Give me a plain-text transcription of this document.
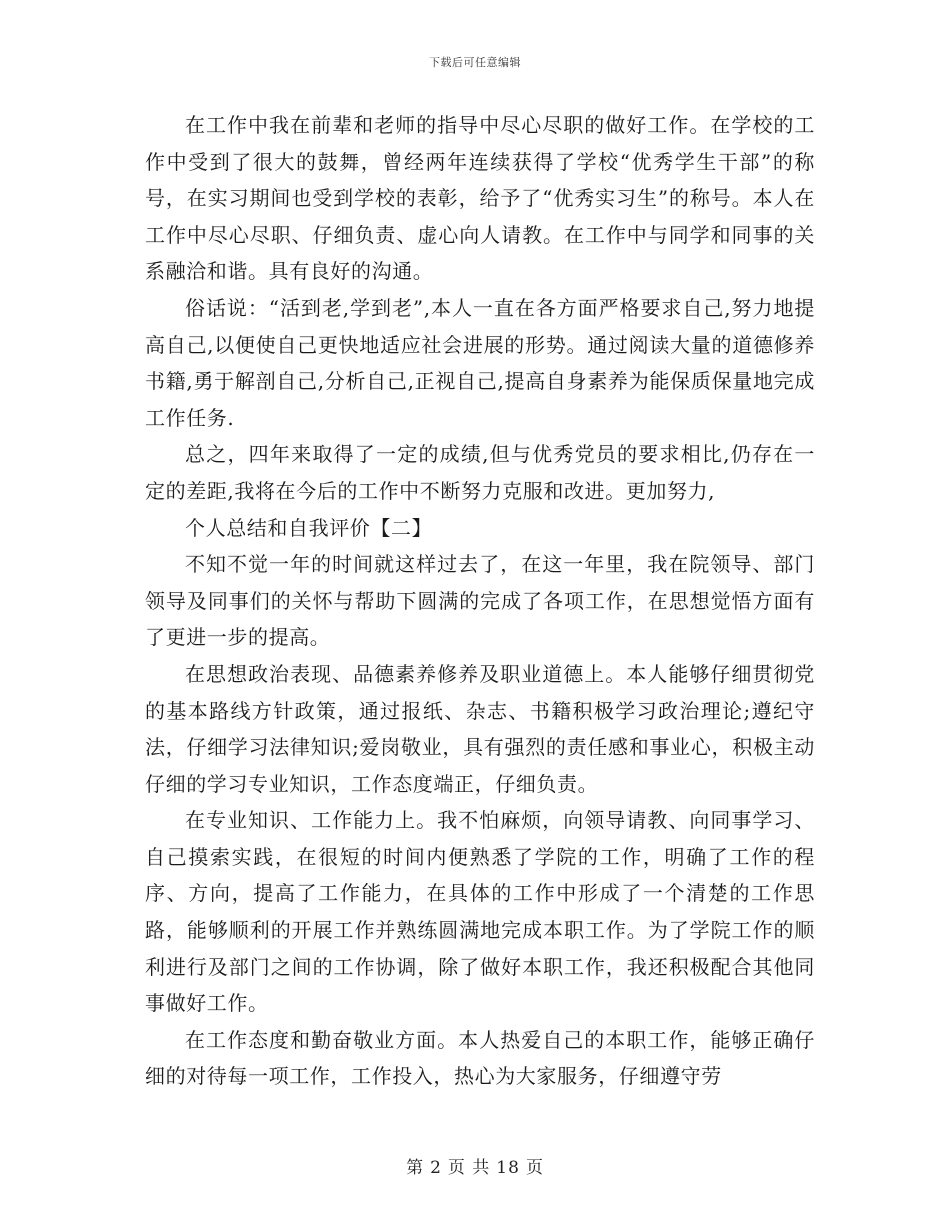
下载后可任意编辑

在工作中我在前辈和老师的指导中尽心尽职的做好工作。在学校的工作中受到了很大的鼓舞，曾经两年连续获得了学校“优秀学生干部”的称号，在实习期间也受到学校的表彰，给予了“优秀实习生”的称号。本人在工作中尽心尽职、仔细负责、虚心向人请教。在工作中与同学和同事的关系融洽和谐。具有良好的沟通。

俗话说：“活到老,学到老”,本人一直在各方面严格要求自己,努力地提高自己,以便使自己更快地适应社会进展的形势。通过阅读大量的道德修养书籍,勇于解剖自己,分析自己,正视自己,提高自身素养为能保质保量地完成工作任务.

总之，四年来取得了一定的成绩,但与优秀党员的要求相比,仍存在一定的差距,我将在今后的工作中不断努力克服和改进。更加努力,

个人总结和自我评价【二】

不知不觉一年的时间就这样过去了，在这一年里，我在院领导、部门领导及同事们的关怀与帮助下圆满的完成了各项工作，在思想觉悟方面有了更进一步的提高。

在思想政治表现、品德素养修养及职业道德上。本人能够仔细贯彻党的基本路线方针政策，通过报纸、杂志、书籍积极学习政治理论;遵纪守法，仔细学习法律知识;爱岗敬业，具有强烈的责任感和事业心，积极主动仔细的学习专业知识，工作态度端正，仔细负责。

在专业知识、工作能力上。我不怕麻烦，向领导请教、向同事学习、自己摸索实践，在很短的时间内便熟悉了学院的工作，明确了工作的程序、方向，提高了工作能力，在具体的工作中形成了一个清楚的工作思路，能够顺利的开展工作并熟练圆满地完成本职工作。为了学院工作的顺利进行及部门之间的工作协调，除了做好本职工作，我还积极配合其他同事做好工作。

在工作态度和勤奋敬业方面。本人热爱自己的本职工作，能够正确仔细的对待每一项工作，工作投入，热心为大家服务，仔细遵守劳

第 2 页 共 18 页
